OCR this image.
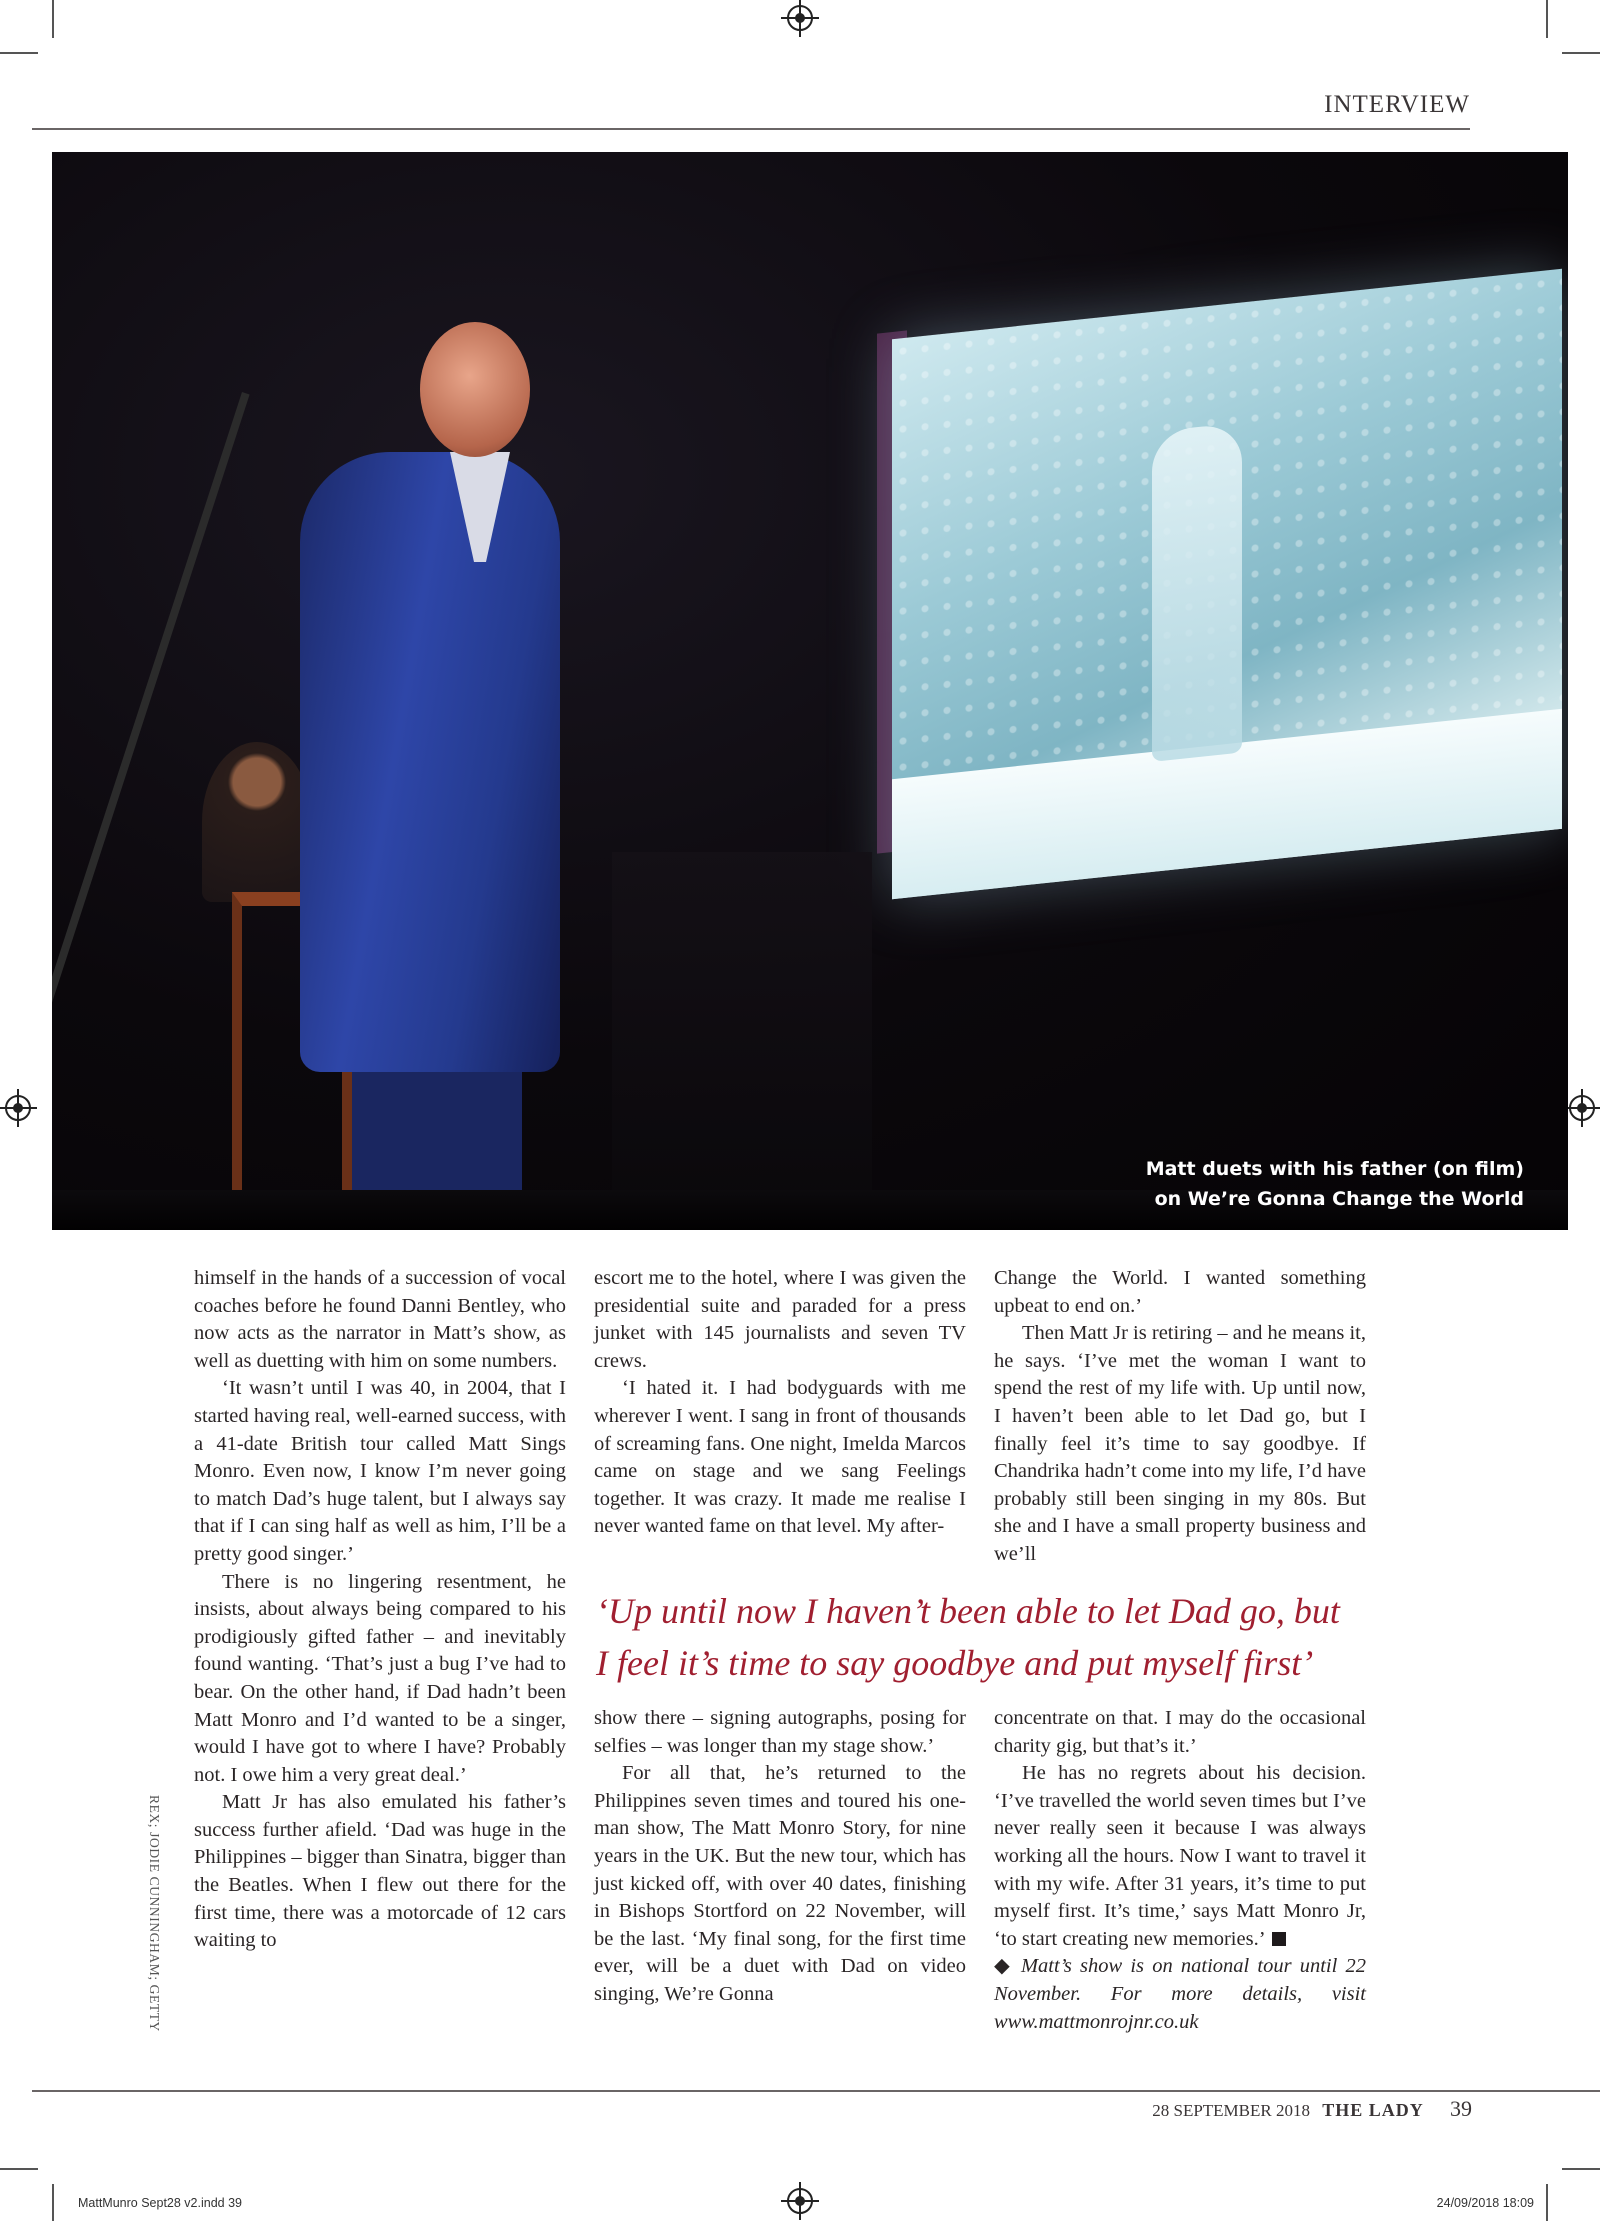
INTERVIEW
Matt duets with his father (on film)
on We’re Gonna Change the World
REX; JODIE CUNNINGHAM; GETTY

himself in the hands of a succession of vocal coaches before he found Danni Bentley, who now acts as the narrator in Matt’s show, as well as duetting with him on some numbers.

‘It wasn’t until I was 40, in 2004, that I started having real, well-earned success, with a 41-date British tour called Matt Sings Monro. Even now, I know I’m never going to match Dad’s huge talent, but I always say that if I can sing half as well as him, I’ll be a pretty good singer.’

There is no lingering resentment, he insists, about always being compared to his prodigiously gifted father – and inevitably found wanting. ‘That’s just a bug I’ve had to bear. On the other hand, if Dad hadn’t been Matt Monro and I’d wanted to be a singer, would I have got to where I have? Probably not. I owe him a very great deal.’

Matt Jr has also emulated his father’s success further afield. ‘Dad was huge in the Philippines – bigger than Sinatra, bigger than the Beatles. When I flew out there for the first time, there was a motorcade of 12 cars waiting to

escort me to the hotel, where I was given the presidential suite and paraded for a press junket with 145 journalists and seven TV crews.

‘I hated it. I had bodyguards with me wherever I went. I sang in front of thousands of screaming fans. One night, Imelda Marcos came on stage and we sang Feelings together. It was crazy. It made me realise I never wanted fame on that level. My after-

Change the World. I wanted something upbeat to end on.’

Then Matt Jr is retiring – and he means it, he says. ‘I’ve met the woman I want to spend the rest of my life with. Up until now, I haven’t been able to let Dad go, but I finally feel it’s time to say goodbye. If Chandrika hadn’t come into my life, I’d have probably still been singing in my 80s. But she and I have a small property business and we’ll

‘Up until now I haven’t been able to let Dad go, but
I feel it’s time to say goodbye and put myself first’

show there – signing autographs, posing for selfies – was longer than my stage show.’

For all that, he’s returned to the Philippines seven times and toured his one-man show, The Matt Monro Story, for nine years in the UK. But the new tour, which has just kicked off, with over 40 dates, finishing in Bishops Stortford on 22 November, will be the last. ‘My final song, for the first time ever, will be a duet with Dad on video singing, We’re Gonna

concentrate on that. I may do the occasional charity gig, but that’s it.’

He has no regrets about his decision. ‘I’ve travelled the world seven times but I’ve never really seen it because I was always working all the hours. Now I want to travel it with my wife. After 31 years, it’s time to put myself first. It’s time,’ says Matt Monro Jr, ‘to start creating new memories.’

◆ Matt’s show is on national tour until 22 November. For more details, visit www.mattmonrojnr.co.uk

28 SEPTEMBER 2018 THE LADY 39
MattMunro Sept28 v2.indd 39	24/09/2018 18:09
